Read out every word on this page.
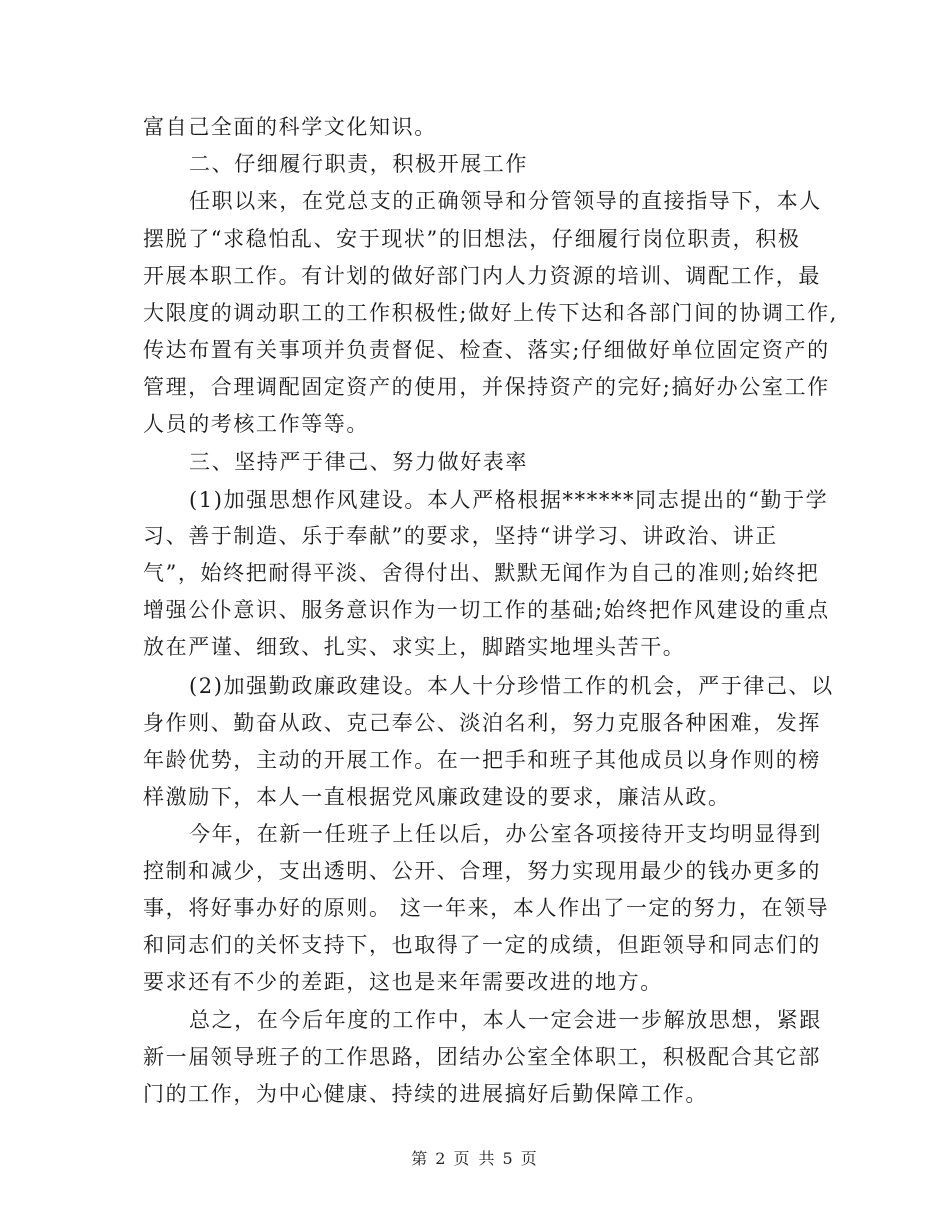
富自己全面的科学文化知识。
二、仔细履行职责，积极开展工作
任职以来，在党总支的正确领导和分管领导的直接指导下，本人
摆脱了“求稳怕乱、安于现状”的旧想法，仔细履行岗位职责，积极
开展本职工作。有计划的做好部门内人力资源的培训、调配工作，最
大限度的调动职工的工作积极性;做好上传下达和各部门间的协调工作,
传达布置有关事项并负责督促、检查、落实;仔细做好单位固定资产的
管理，合理调配固定资产的使用，并保持资产的完好;搞好办公室工作
人员的考核工作等等。
三、坚持严于律己、努力做好表率
(1)加强思想作风建设。本人严格根据******同志提出的“勤于学
习、善于制造、乐于奉献”的要求，坚持“讲学习、讲政治、讲正
气”，始终把耐得平淡、舍得付出、默默无闻作为自己的准则;始终把
增强公仆意识、服务意识作为一切工作的基础;始终把作风建设的重点
放在严谨、细致、扎实、求实上，脚踏实地埋头苦干。
(2)加强勤政廉政建设。本人十分珍惜工作的机会，严于律己、以
身作则、勤奋从政、克己奉公、淡泊名利，努力克服各种困难，发挥
年龄优势，主动的开展工作。在一把手和班子其他成员以身作则的榜
样激励下，本人一直根据党风廉政建设的要求，廉洁从政。
今年，在新一任班子上任以后，办公室各项接待开支均明显得到
控制和减少，支出透明、公开、合理，努力实现用最少的钱办更多的
事，将好事办好的原则。 这一年来，本人作出了一定的努力，在领导
和同志们的关怀支持下，也取得了一定的成绩，但距领导和同志们的
要求还有不少的差距，这也是来年需要改进的地方。
总之，在今后年度的工作中，本人一定会进一步解放思想，紧跟
新一届领导班子的工作思路，团结办公室全体职工，积极配合其它部
门的工作，为中心健康、持续的进展搞好后勤保障工作。
第 2 页 共 5 页
